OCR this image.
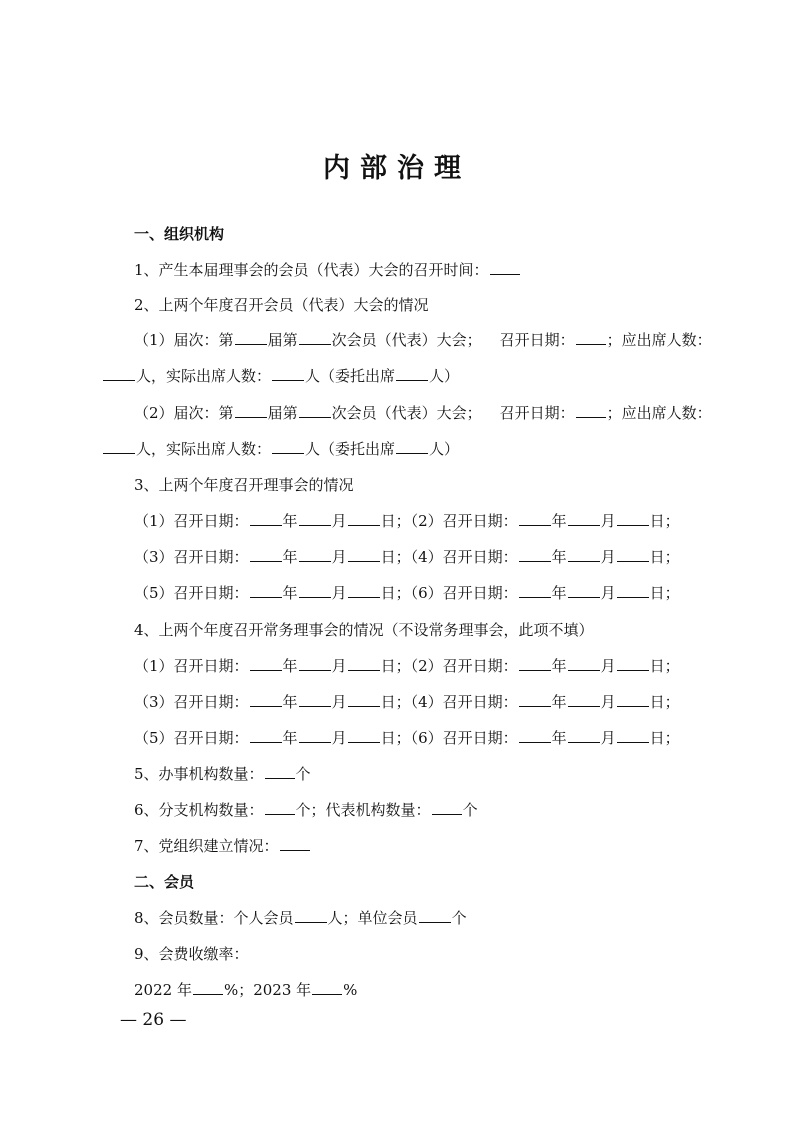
内部治理
一、组织机构
1、产生本届理事会的会员（代表）大会的召开时间：
2、上两个年度召开会员（代表）大会的情况
（1）届次：第 届第 次会员（代表）大会； 召开日期： ；应出席人数：
人，实际出席人数： 人（委托出席 人）
（2）届次：第 届第 次会员（代表）大会； 召开日期： ；应出席人数：
人，实际出席人数： 人（委托出席 人）
3、上两个年度召开理事会的情况
（1）召开日期： 年 月 日；（2）召开日期： 年 月 日；
（3）召开日期： 年 月 日；（4）召开日期： 年 月 日；
（5）召开日期： 年 月 日；（6）召开日期： 年 月 日；
4、上两个年度召开常务理事会的情况（不设常务理事会，此项不填）
（1）召开日期： 年 月 日；（2）召开日期： 年 月 日；
（3）召开日期： 年 月 日；（4）召开日期： 年 月 日；
（5）召开日期： 年 月 日；（6）召开日期： 年 月 日；
5、办事机构数量： 个
6、分支机构数量： 个；代表机构数量： 个
7、党组织建立情况：
二、会员
8、会员数量：个人会员 人；单位会员 个
9、会费收缴率：
2022 年 %；2023 年 %
— 26 —
